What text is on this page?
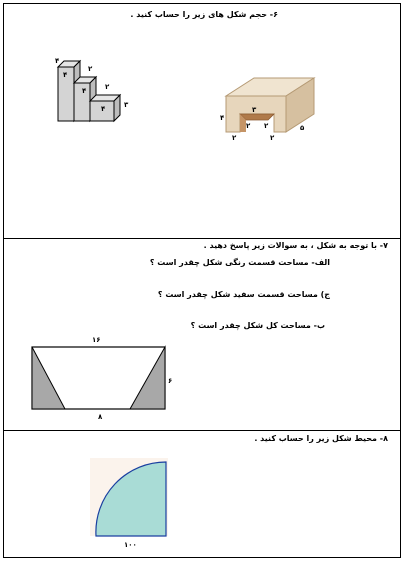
۶- حجم شکل های زیر را حساب کنید .
۴
۲
۴
۲
۴
۳
۴	۳
۴
۵
۲ ۲
۲	۲
۷- با توجه به شکل ، به سوالات زیر پاسخ دهید .
الف- مساحت قسمت رنگی شکل چقدر است ؟
ج) مساحت قسمت سفید شکل چقدر است ؟
ب- مساحت کل شکل چقدر است ؟
۱۶
۶
۸
۸- محیط شکل زیر را حساب کنید .
۱۰۰
